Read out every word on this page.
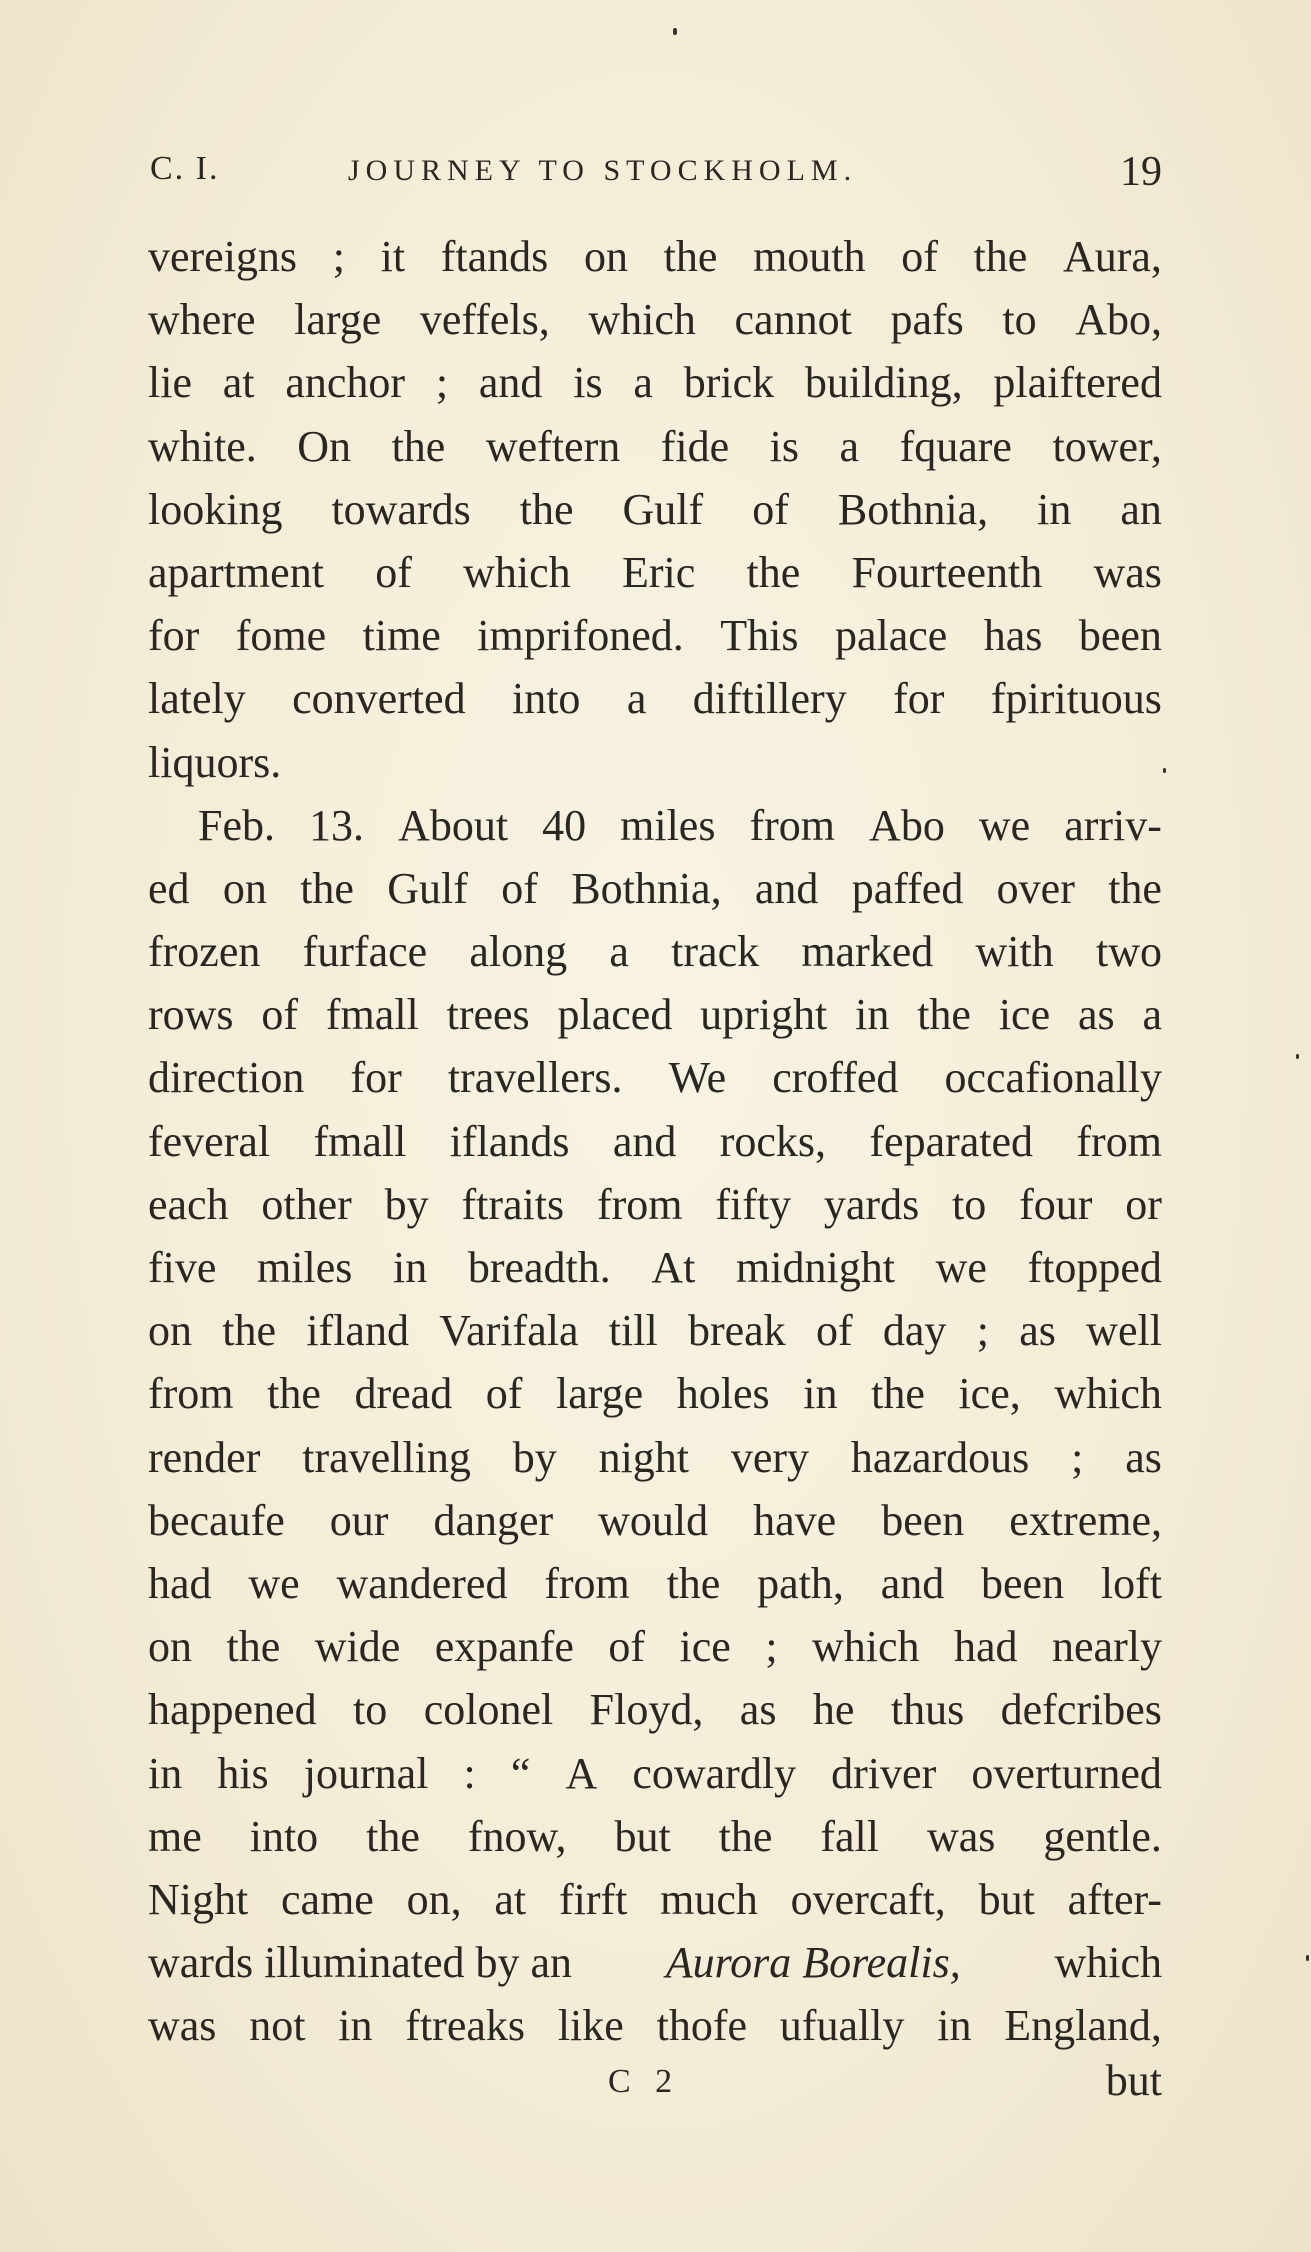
C. I.	JOURNEY TO STOCKHOLM.	19
vereigns ; it ftands on the mouth of the Aura,
where large veffels, which cannot pafs to Abo,
lie at anchor ; and is a brick building, plaiftered
white. On the weftern fide is a fquare tower,
looking towards the Gulf of Bothnia, in an
apartment of which Eric the Fourteenth was
for fome time imprifoned. This palace has been
lately converted into a diftillery for fpirituous
liquors.
Feb. 13. About 40 miles from Abo we arriv-
ed on the Gulf of Bothnia, and paffed over the
frozen furface along a track marked with two
rows of fmall trees placed upright in the ice as a
direction for travellers. We croffed occafionally
feveral fmall iflands and rocks, feparated from
each other by ftraits from fifty yards to four or
five miles in breadth. At midnight we ftopped
on the ifland Varifala till break of day ; as well
from the dread of large holes in the ice, which
render travelling by night very hazardous ; as
becaufe our danger would have been extreme,
had we wandered from the path, and been loft
on the wide expanfe of ice ; which had nearly
happened to colonel Floyd, as he thus defcribes
in his journal : “ A cowardly driver overturned
me into the fnow, but the fall was gentle.
Night came on, at firft much overcaft, but after-
wards illuminated by an Aurora Borealis, which
was not in ftreaks like thofe ufually in England,
C 2	but
